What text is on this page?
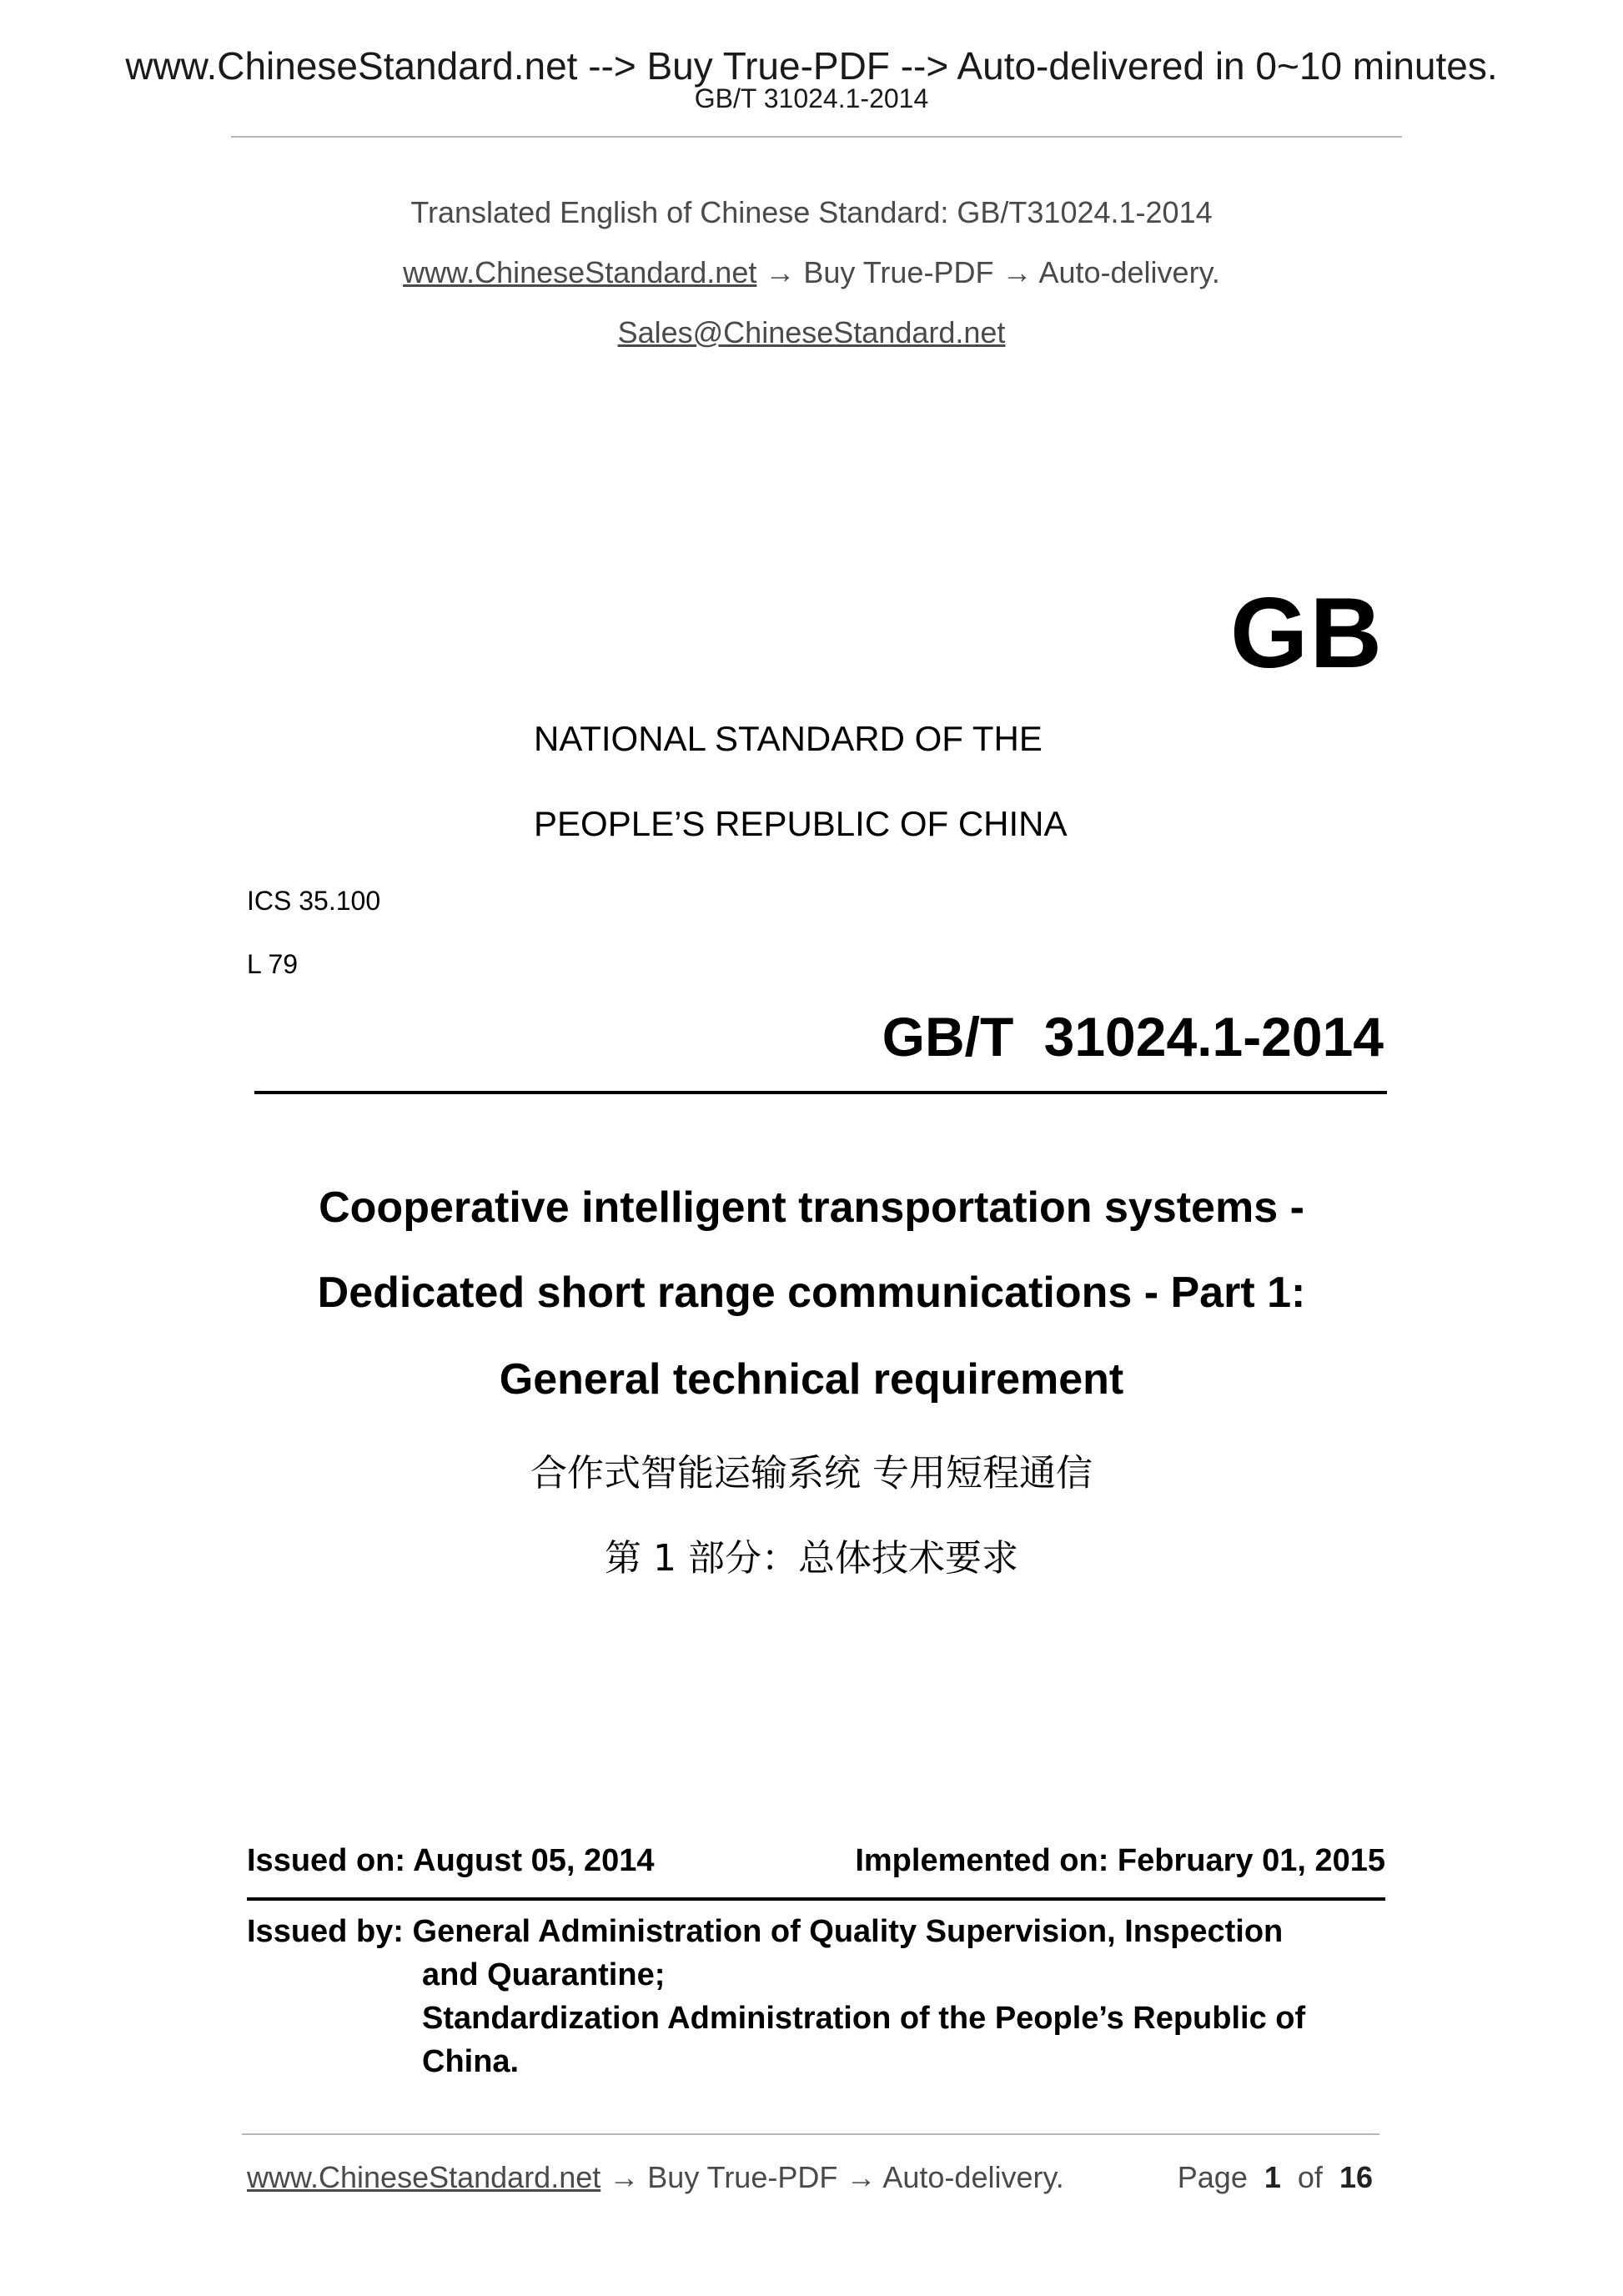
www.ChineseStandard.net --> Buy True-PDF --> Auto-delivered in 0~10 minutes.
GB/T 31024.1-2014
Translated English of Chinese Standard: GB/T31024.1-2014
www.ChineseStandard.net → Buy True-PDF → Auto-delivery.
Sales@ChineseStandard.net
GB
NATIONAL STANDARD OF THE
PEOPLE’S REPUBLIC OF CHINA
ICS 35.100
L 79
GB/T 31024.1-2014
Cooperative intelligent transportation systems -
Dedicated short range communications - Part 1:
General technical requirement
合作式智能运输系统 专用短程通信
第 1 部分：总体技术要求
Issued on: August 05, 2014	Implemented on: February 01, 2015
Issued by: General Administration of Quality Supervision, Inspection
and Quarantine;
Standardization Administration of the People’s Republic of
China.
www.ChineseStandard.net → Buy True-PDF → Auto-delivery.	Page 1 of 16
